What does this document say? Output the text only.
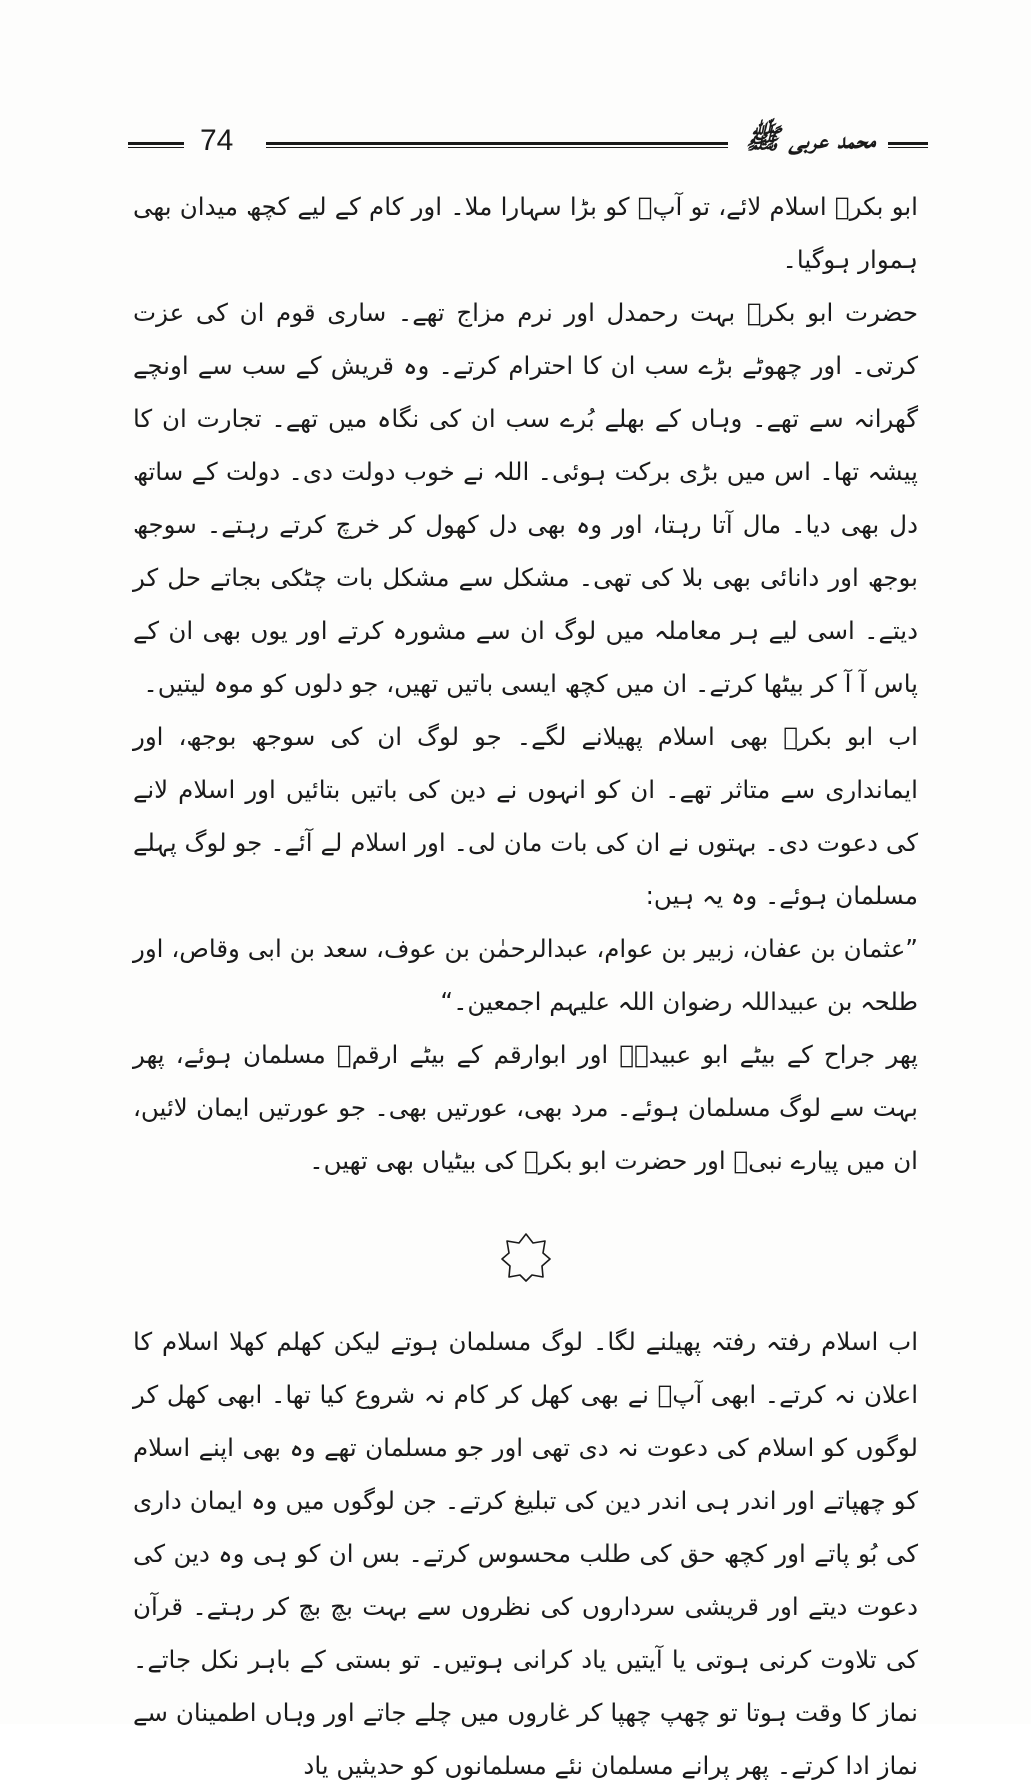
74	محمد عربی ﷺ

ابو بکرؓ اسلام لائے، تو آپؐ کو بڑا سہارا ملا۔ اور کام کے لیے کچھ میدان بھی ہموار ہوگیا۔

حضرت ابو بکرؓ بہت رحمدل اور نرم مزاج تھے۔ ساری قوم ان کی عزت کرتی۔ اور چھوٹے بڑے سب ان کا احترام کرتے۔ وہ قریش کے سب سے اونچے گھرانہ سے تھے۔ وہاں کے بھلے بُرے سب ان کی نگاہ میں تھے۔ تجارت ان کا پیشہ تھا۔ اس میں بڑی برکت ہوئی۔ اللہ نے خوب دولت دی۔ دولت کے ساتھ دل بھی دیا۔ مال آتا رہتا، اور وہ بھی دل کھول کر خرچ کرتے رہتے۔ سوجھ بوجھ اور دانائی بھی بلا کی تھی۔ مشکل سے مشکل بات چٹکی بجاتے حل کر دیتے۔ اسی لیے ہر معاملہ میں لوگ ان سے مشورہ کرتے اور یوں بھی ان کے پاس آ آ کر بیٹھا کرتے۔ ان میں کچھ ایسی باتیں تھیں، جو دلوں کو موہ لیتیں۔

اب ابو بکرؓ بھی اسلام پھیلانے لگے۔ جو لوگ ان کی سوجھ بوجھ، اور ایمانداری سے متاثر تھے۔ ان کو انہوں نے دین کی باتیں بتائیں اور اسلام لانے کی دعوت دی۔ بہتوں نے ان کی بات مان لی۔ اور اسلام لے آئے۔ جو لوگ پہلے مسلمان ہوئے۔ وہ یہ ہیں:

”عثمان بن عفان، زبیر بن عوام، عبدالرحمٰن بن عوف، سعد بن ابی وقاص، اور طلحہ بن عبیداللہ رضوان اللہ علیہم اجمعین۔“

پھر جراح کے بیٹے ابو عبیدہؓ اور ابوارقم کے بیٹے ارقمؓ مسلمان ہوئے، پھر بہت سے لوگ مسلمان ہوئے۔ مرد بھی، عورتیں بھی۔ جو عورتیں ایمان لائیں، ان میں پیارے نبیؐ اور حضرت ابو بکرؓ کی بیٹیاں بھی تھیں۔

اب اسلام رفتہ رفتہ پھیلنے لگا۔ لوگ مسلمان ہوتے لیکن کھلم کھلا اسلام کا اعلان نہ کرتے۔ ابھی آپؐ نے بھی کھل کر کام نہ شروع کیا تھا۔ ابھی کھل کر لوگوں کو اسلام کی دعوت نہ دی تھی اور جو مسلمان تھے وہ بھی اپنے اسلام کو چھپاتے اور اندر ہی اندر دین کی تبلیغ کرتے۔ جن لوگوں میں وہ ایمان داری کی بُو پاتے اور کچھ حق کی طلب محسوس کرتے۔ بس ان کو ہی وہ دین کی دعوت دیتے اور قریشی سرداروں کی نظروں سے بہت بچ بچ کر رہتے۔ قرآن کی تلاوت کرنی ہوتی یا آیتیں یاد کرانی ہوتیں۔ تو بستی کے باہر نکل جاتے۔ نماز کا وقت ہوتا تو چھپ چھپا کر غاروں میں چلے جاتے اور وہاں اطمینان سے نماز ادا کرتے۔ پھر پرانے مسلمان نئے مسلمانوں کو حدیثیں یاد
